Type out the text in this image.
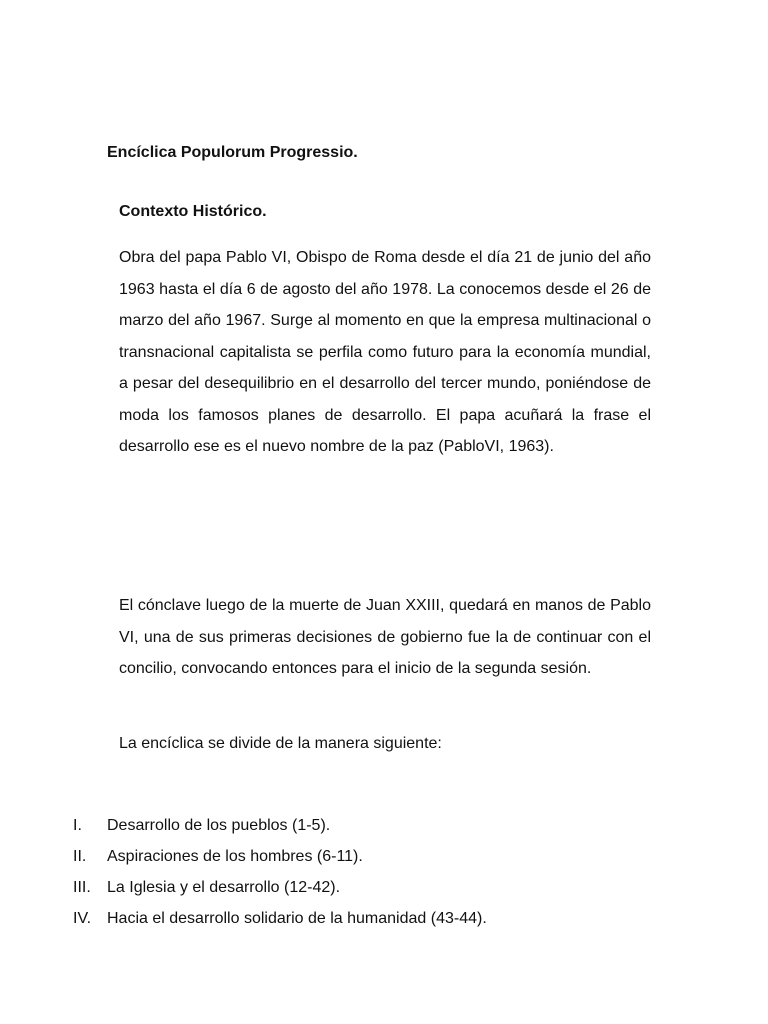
Encíclica Populorum Progressio.
Contexto Histórico.

Obra del papa Pablo VI, Obispo de Roma desde el día 21 de junio del año 1963 hasta el día 6 de agosto del año 1978. La conocemos desde el 26 de marzo del año 1967. Surge al momento en que la empresa multinacional o transnacional capitalista se perfila como futuro para la economía mundial, a pesar del desequilibrio en el desarrollo del tercer mundo, poniéndose de moda los famosos planes de desarrollo. El papa acuñará la frase el desarrollo ese es el nuevo nombre de la paz (PabloVI, 1963).

El cónclave luego de la muerte de Juan XXIII, quedará en manos de Pablo VI, una de sus primeras decisiones de gobierno fue la de continuar con el concilio, convocando entonces para el inicio de la segunda sesión.

La encíclica se divide de la manera siguiente:

I.	Desarrollo de los pueblos (1-5).
II.	Aspiraciones de los hombres (6-11).
III.	La Iglesia y el desarrollo (12-42).
IV. Hacia el desarrollo solidario de la humanidad (43-44).
